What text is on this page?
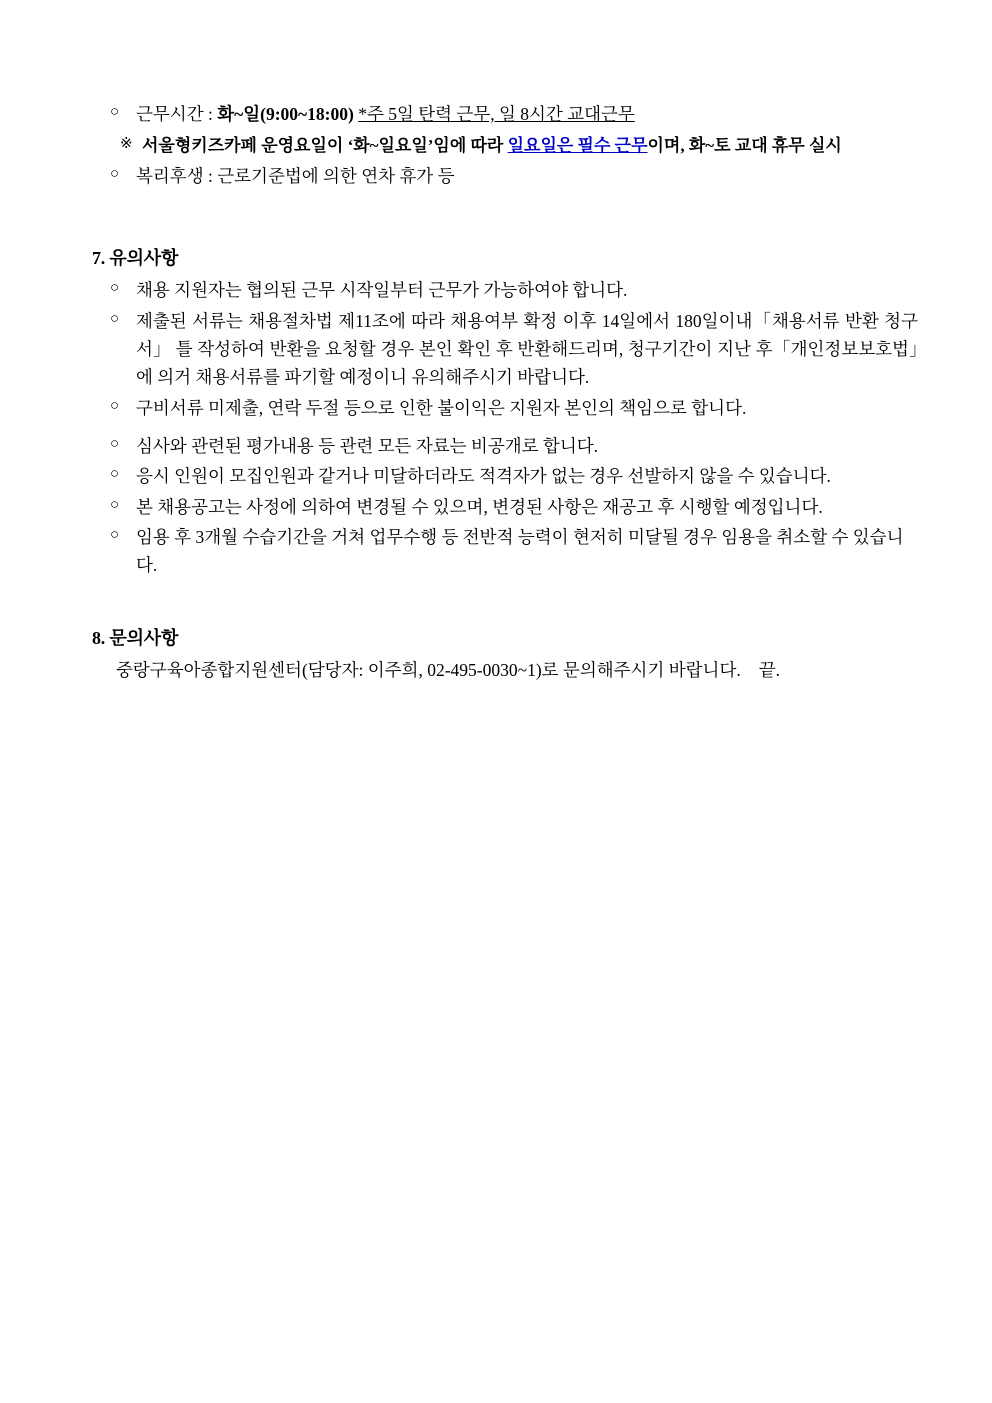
○ 근무시간 : 화~일(9:00~18:00) *주 5일 탄력 근무, 일 8시간 교대근무
※ 서울형키즈카페 운영요일이 ‘화~일요일’임에 따라 일요일은 필수 근무이며, 화~토 교대 휴무 실시
○ 복리후생 : 근로기준법에 의한 연차 휴가 등
7. 유의사항
○ 채용 지원자는 협의된 근무 시작일부터 근무가 가능하여야 합니다.
○ 제출된 서류는 채용절차법 제11조에 따라 채용여부 확정 이후 14일에서 180일이내「채용서류 반환 청구서」 틀 작성하여 반환을 요청할 경우 본인 확인 후 반환해드리며, 청구기간이 지난 후「개인정보보호법」에 의거 채용서류를 파기할 예정이니 유의해주시기 바랍니다.
○ 구비서류 미제출, 연락 두절 등으로 인한 불이익은 지원자 본인의 책임으로 합니다.
○ 심사와 관련된 평가내용 등 관련 모든 자료는 비공개로 합니다.
○ 응시 인원이 모집인원과 같거나 미달하더라도 적격자가 없는 경우 선발하지 않을 수 있습니다.
○ 본 채용공고는 사정에 의하여 변경될 수 있으며, 변경된 사항은 재공고 후 시행할 예정입니다.
○ 임용 후 3개월 수습기간을 거쳐 업무수행 등 전반적 능력이 현저히 미달될 경우 임용을 취소할 수 있습니다.
8. 문의사항
중랑구육아종합지원센터(담당자: 이주희, 02-495-0030~1)로 문의해주시기 바랍니다. 끝.
